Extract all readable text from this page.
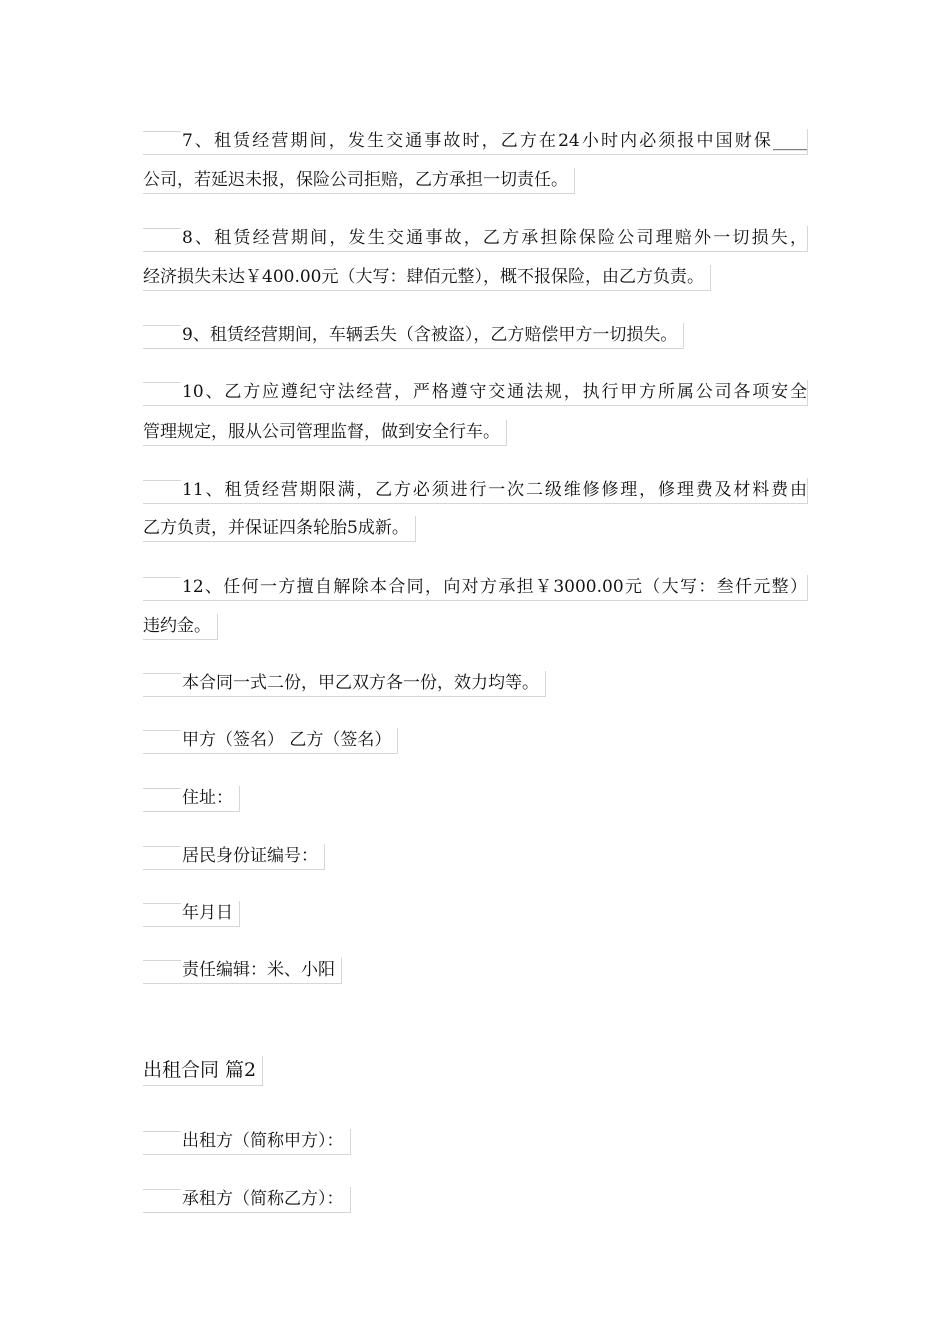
7、租赁经营期间，发生交通事故时，乙方在24小时内必须报中国财保____
公司，若延迟未报，保险公司拒赔，乙方承担一切责任。
8、租赁经营期间，发生交通事故，乙方承担除保险公司理赔外一切损失，
经济损失未达￥400.00元（大写：肆佰元整），概不报保险，由乙方负责。
9、租赁经营期间，车辆丢失（含被盗），乙方赔偿甲方一切损失。
10、乙方应遵纪守法经营，严格遵守交通法规，执行甲方所属公司各项安全
管理规定，服从公司管理监督，做到安全行车。
11、租赁经营期限满，乙方必须进行一次二级维修修理，修理费及材料费由
乙方负责，并保证四条轮胎5成新。
12、任何一方擅自解除本合同，向对方承担￥3000.00元（大写：叁仟元整）
违约金。
本合同一式二份，甲乙双方各一份，效力均等。
甲方（签名） 乙方（签名）
住址：
居民身份证编号：
年月日
责任编辑：米、小阳
出租合同 篇2
出租方（简称甲方）：
承租方（简称乙方）：
